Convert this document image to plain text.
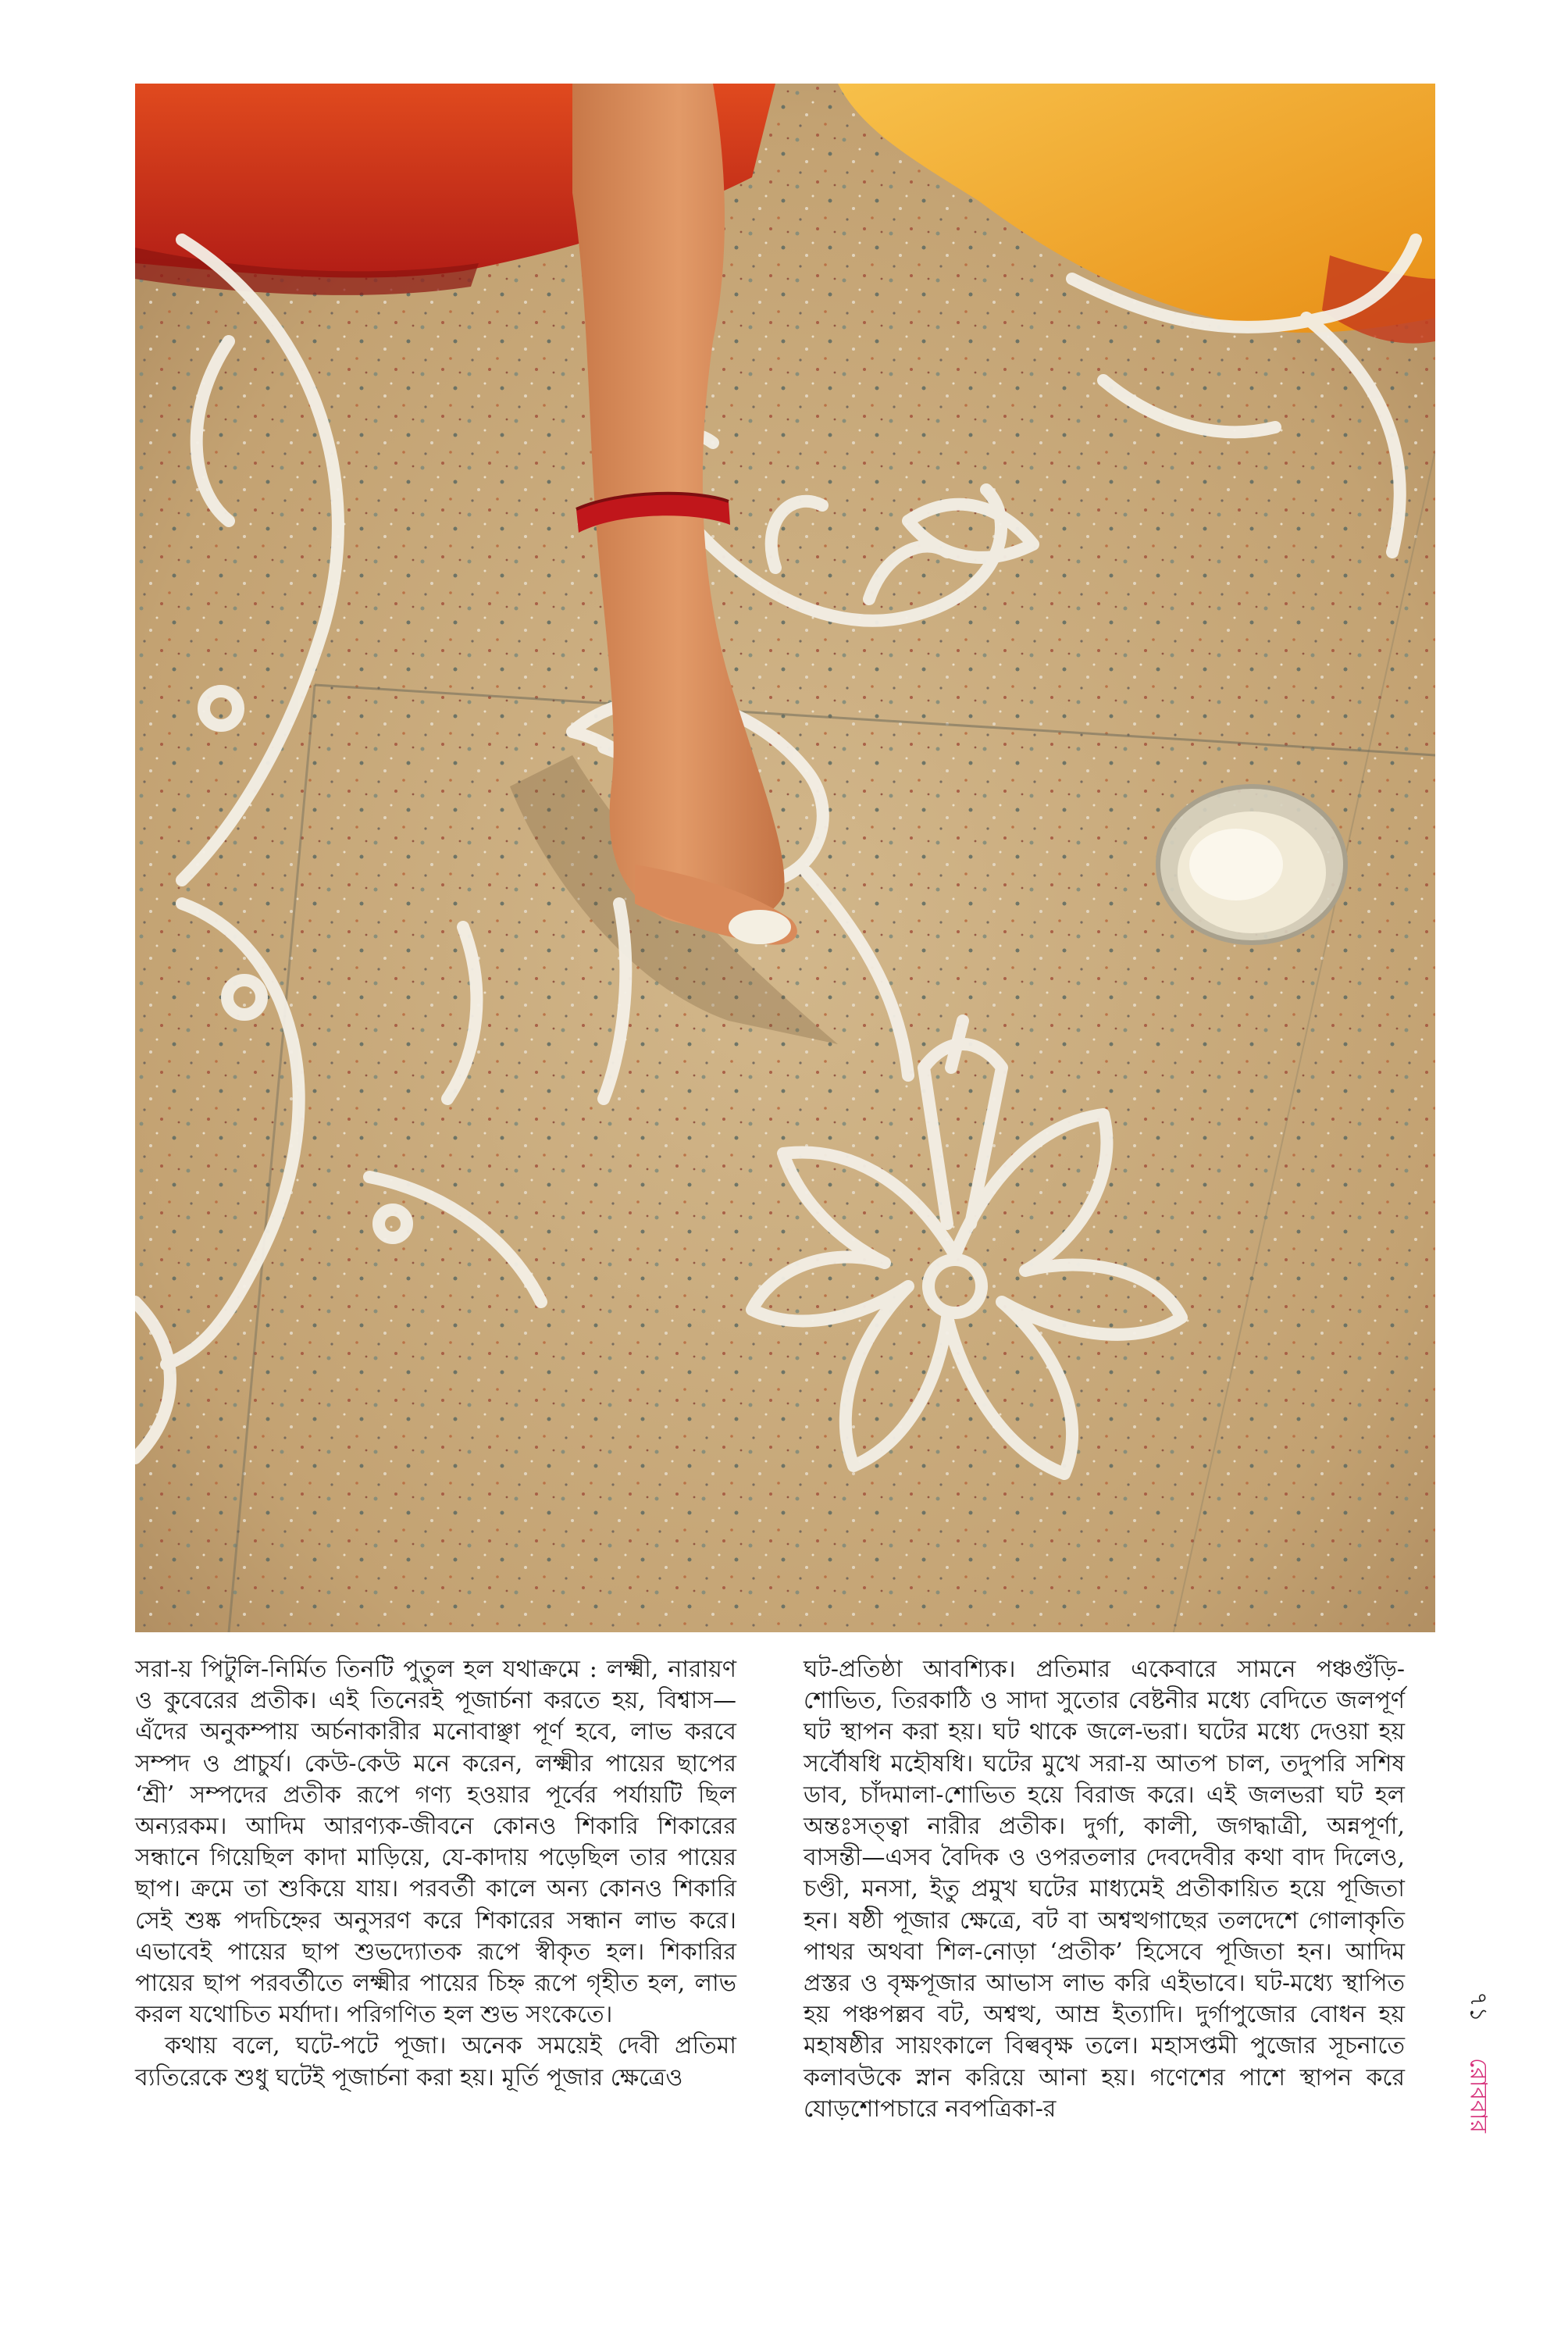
সরা-য় পিটুলি-নির্মিত তিনটি পুতুল হল যথাক্রমে : লক্ষ্মী, নারায়ণ ও কুবেরের প্রতীক। এই তিনেরই পূজার্চনা করতে হয়, বিশ্বাস—এঁদের অনুকম্পায় অর্চনাকারীর মনোবাঞ্ছা পূর্ণ হবে, লাভ করবে সম্পদ ও প্রাচুর্য। কেউ-কেউ মনে করেন, লক্ষ্মীর পায়ের ছাপের ‘শ্রী’ সম্পদের প্রতীক রূপে গণ্য হওয়ার পূর্বের পর্যায়টি ছিল অন্যরকম। আদিম আরণ্যক-জীবনে কোনও শিকারি শিকারের সন্ধানে গিয়েছিল কাদা মাড়িয়ে, যে-কাদায় পড়েছিল তার পায়ের ছাপ। ক্রমে তা শুকিয়ে যায়। পরবর্তী কালে অন্য কোনও শিকারি সেই শুষ্ক পদচিহ্নের অনুসরণ করে শিকারের সন্ধান লাভ করে। এভাবেই পায়ের ছাপ শুভদ্যোতক রূপে স্বীকৃত হল। শিকারির পায়ের ছাপ পরবর্তীতে লক্ষ্মীর পায়ের চিহ্ন রূপে গৃহীত হল, লাভ করল যথোচিত মর্যাদা। পরিগণিত হল শুভ সংকেতে।

কথায় বলে, ঘটে-পটে পূজা। অনেক সময়েই দেবী প্রতিমা ব্যতিরেকে শুধু ঘটেই পূজার্চনা করা হয়। মূর্তি পূজার ক্ষেত্রেও

ঘট-প্রতিষ্ঠা আবশ্যিক। প্রতিমার একেবারে সামনে পঞ্চগুঁড়ি-শোভিত, তিরকাঠি ও সাদা সুতোর বেষ্টনীর মধ্যে বেদিতে জলপূর্ণ ঘট স্থাপন করা হয়। ঘট থাকে জলে-ভরা। ঘটের মধ্যে দেওয়া হয় সর্বৌষধি মহৌষধি। ঘটের মুখে সরা-য় আতপ চাল, তদুপরি সশিষ ডাব, চাঁদমালা-শোভিত হয়ে বিরাজ করে। এই জলভরা ঘট হল অন্তঃসত্ত্বা নারীর প্রতীক। দুর্গা, কালী, জগদ্ধাত্রী, অন্নপূর্ণা, বাসন্তী—এসব বৈদিক ও ওপরতলার দেবদেবীর কথা বাদ দিলেও, চণ্ডী, মনসা, ইতু প্রমুখ ঘটের মাধ্যমেই প্রতীকায়িত হয়ে পূজিতা হন। ষষ্ঠী পূজার ক্ষেত্রে, বট বা অশ্বত্থগাছের তলদেশে গোলাকৃতি পাথর অথবা শিল-নোড়া ‘প্রতীক’ হিসেবে পূজিতা হন। আদিম প্রস্তর ও বৃক্ষপূজার আভাস লাভ করি এইভাবে। ঘট-মধ্যে স্থাপিত হয় পঞ্চপল্লব বট, অশ্বত্থ, আম্র ইত্যাদি। দুর্গাপুজোর বোধন হয় মহাষষ্ঠীর সায়ংকালে বিল্ববৃক্ষ তলে। মহাসপ্তমী পুজোর সূচনাতে কলাবউকে স্নান করিয়ে আনা হয়। গণেশের পাশে স্থাপন করে যোড়শোপচারে নবপত্রিকা-র

৭১
রোববার
